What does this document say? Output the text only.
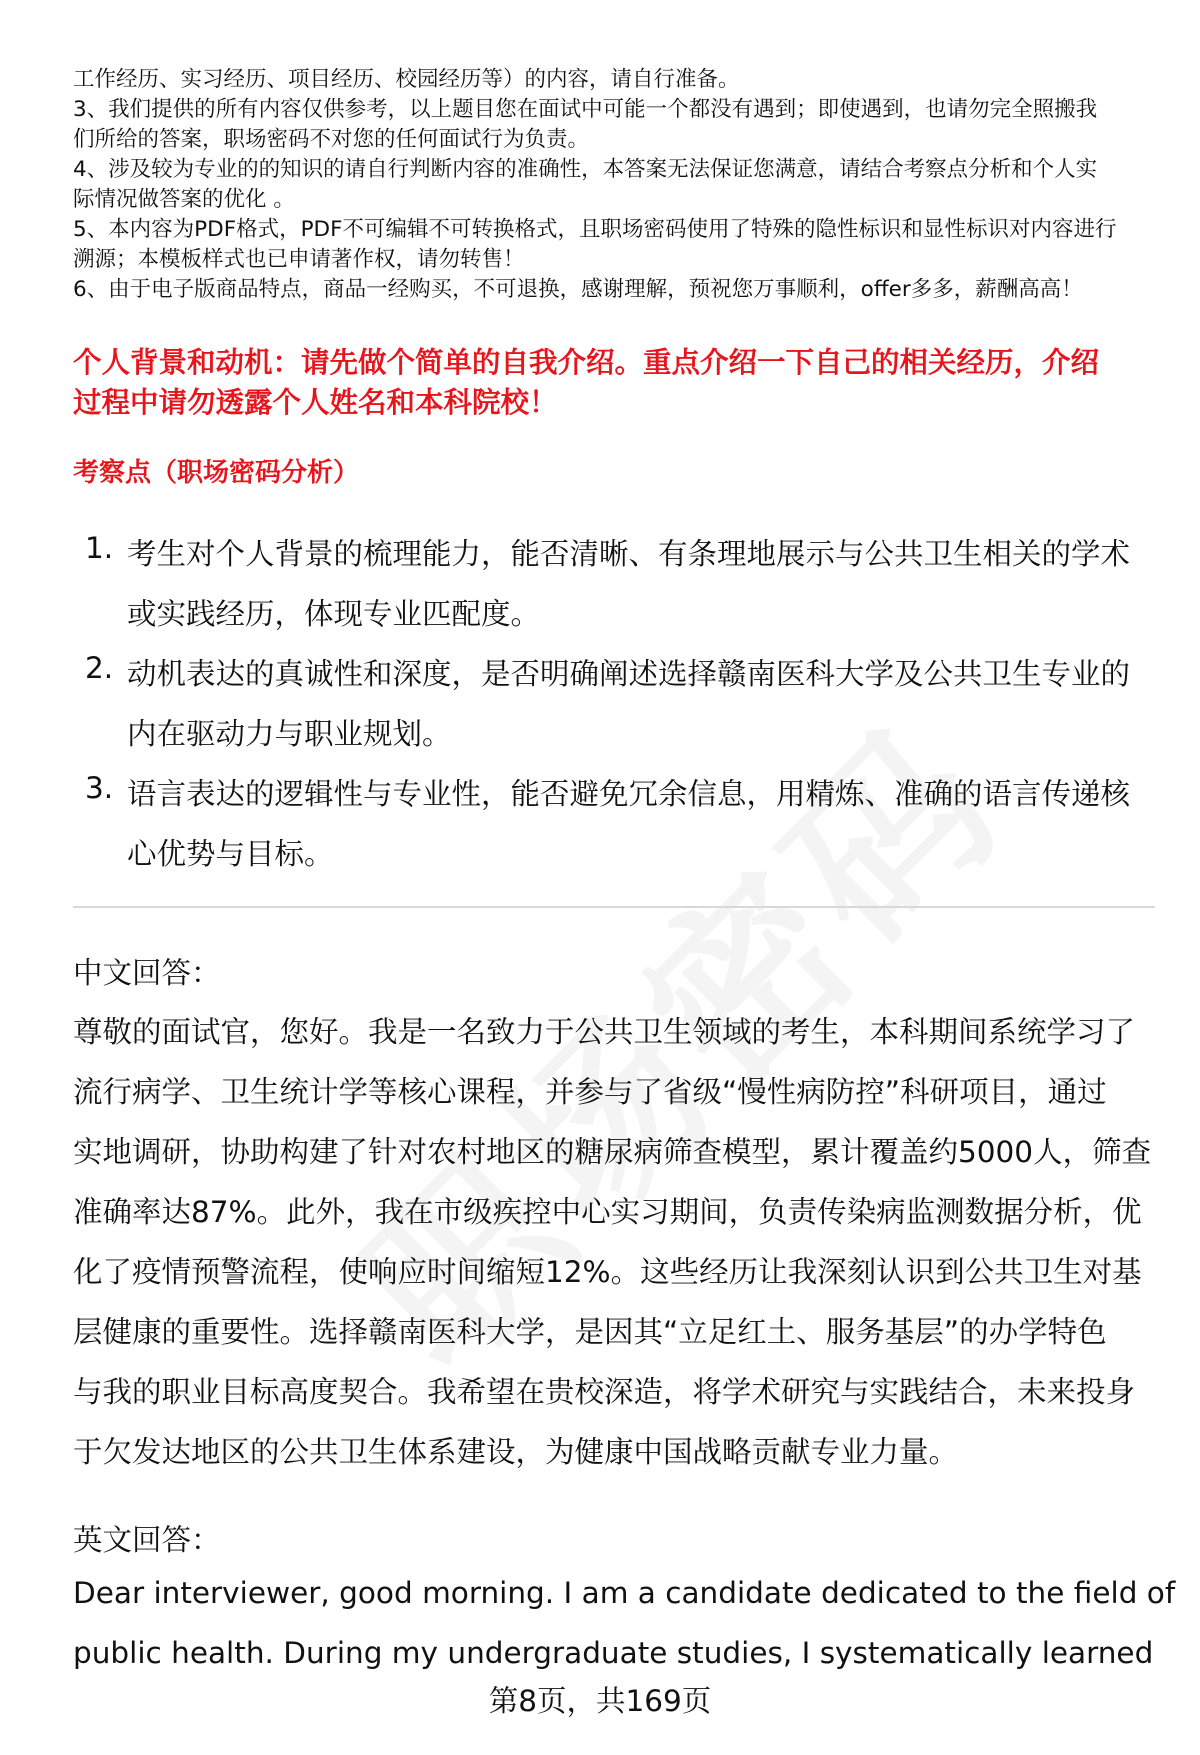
工作经历、实习经历、项目经历、校园经历等）的内容，请自行准备。
3、我们提供的所有内容仅供参考，以上题目您在面试中可能一个都没有遇到；即使遇到，也请勿完全照搬我
们所给的答案，职场密码不对您的任何面试行为负责。
4、涉及较为专业的的知识的请自行判断内容的准确性，本答案无法保证您满意，请结合考察点分析和个人实
际情况做答案的优化 。
5、本内容为PDF格式，PDF不可编辑不可转换格式，且职场密码使用了特殊的隐性标识和显性标识对内容进行
溯源；本模板样式也已申请著作权，请勿转售！
6、由于电子版商品特点，商品一经购买，不可退换，感谢理解，预祝您万事顺利，offer多多，薪酬高高！
个人背景和动机：请先做个简单的自我介绍。重点介绍一下自己的相关经历，介绍
过程中请勿透露个人姓名和本科院校！
考察点（职场密码分析）
1. 考生对个人背景的梳理能力，能否清晰、有条理地展示与公共卫生相关的学术
或实践经历，体现专业匹配度。
2. 动机表达的真诚性和深度，是否明确阐述选择赣南医科大学及公共卫生专业的
内在驱动力与职业规划。
3. 语言表达的逻辑性与专业性，能否避免冗余信息，用精炼、准确的语言传递核
心优势与目标。
中文回答：
尊敬的面试官，您好。我是一名致力于公共卫生领域的考生，本科期间系统学习了
流行病学、卫生统计学等核心课程，并参与了省级“慢性病防控”科研项目，通过
实地调研，协助构建了针对农村地区的糖尿病筛查模型，累计覆盖约5000人，筛查
准确率达87%。此外，我在市级疾控中心实习期间，负责传染病监测数据分析，优
化了疫情预警流程，使响应时间缩短12%。这些经历让我深刻认识到公共卫生对基
层健康的重要性。选择赣南医科大学，是因其“立足红土、服务基层”的办学特色
与我的职业目标高度契合。我希望在贵校深造，将学术研究与实践结合，未来投身
于欠发达地区的公共卫生体系建设，为健康中国战略贡献专业力量。
英文回答：
Dear interviewer, good morning. I am a candidate dedicated to the field of
public health. During my undergraduate studies, I systematically learned
第8页，共169页
